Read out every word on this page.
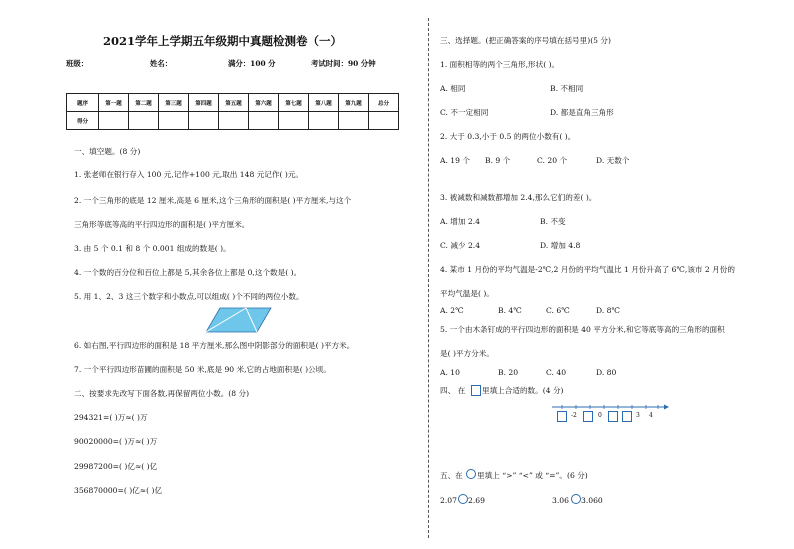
2021学年上学期五年级期中真题检测卷（一）
班级：	姓名：	满分：100 分	考试时间：90 分钟
题序	第一题	第二题	第三题	第四题	第五题	第六题	第七题	第八题	第九题	总分
得分										
一、填空题。(8 分)
1. 张老师在银行存入 100 元,记作+100 元,取出 148 元记作( )元。
2. 一个三角形的底是 12 厘米,高是 6 厘米,这个三角形的面积是( )平方厘米,与这个
三角形等底等高的平行四边形的面积是( )平方厘米。
3. 由 5 个 0.1 和 8 个 0.001 组成的数是( )。
4. 一个数的百分位和百位上都是 5,其余各位上都是 0,这个数是( )。
5. 用 1、2、3 这三个数字和小数点,可以组成( )个不同的两位小数。
6. 如右图,平行四边形的面积是 18 平方厘米,那么图中阴影部分的面积是( )平方米。
7. 一个平行四边形苗圃的面积是 50 米,底是 90 米,它的占地面积是( )公顷。
二、按要求先改写下面各数,再保留两位小数。(8 分)
294321=( )万≈( )万
90020000=( )万≈( )万
29987200=( )亿≈( )亿
356870000=( )亿≈( )亿
三、选择题。(把正确答案的序号填在括号里)(5 分)
1. 面积相等的两个三角形,形状( )。
A. 相同	B. 不相同
C. 不一定相同	D. 都是直角三角形
2. 大于 0.3,小于 0.5 的两位小数有( )。
A. 19 个 B. 9 个	C. 20 个	D. 无数个
3. 被减数和减数都增加 2.4,那么它们的差( )。
A. 增加 2.4	B. 不变
C. 减少 2.4	D. 增加 4.8
4. 某市 1 月份的平均气温是-2℃,2 月份的平均气温比 1 月份升高了 6℃,该市 2 月份的
平均气温是( )。
A. 2℃	B. 4℃	C. 6℃	D. 8℃
5. 一个由木条钉成的平行四边形的面积是 40 平方分米,和它等底等高的三角形的面积
是( )平方分米。
A. 10	B. 20	C. 40	D. 80
四、 在 里填上合适的数。(4 分)
-2	0	3 4
五、在 里填上 “>” “<” 或 “=”。(6 分)
2.07 2.69	3.06 3.060
